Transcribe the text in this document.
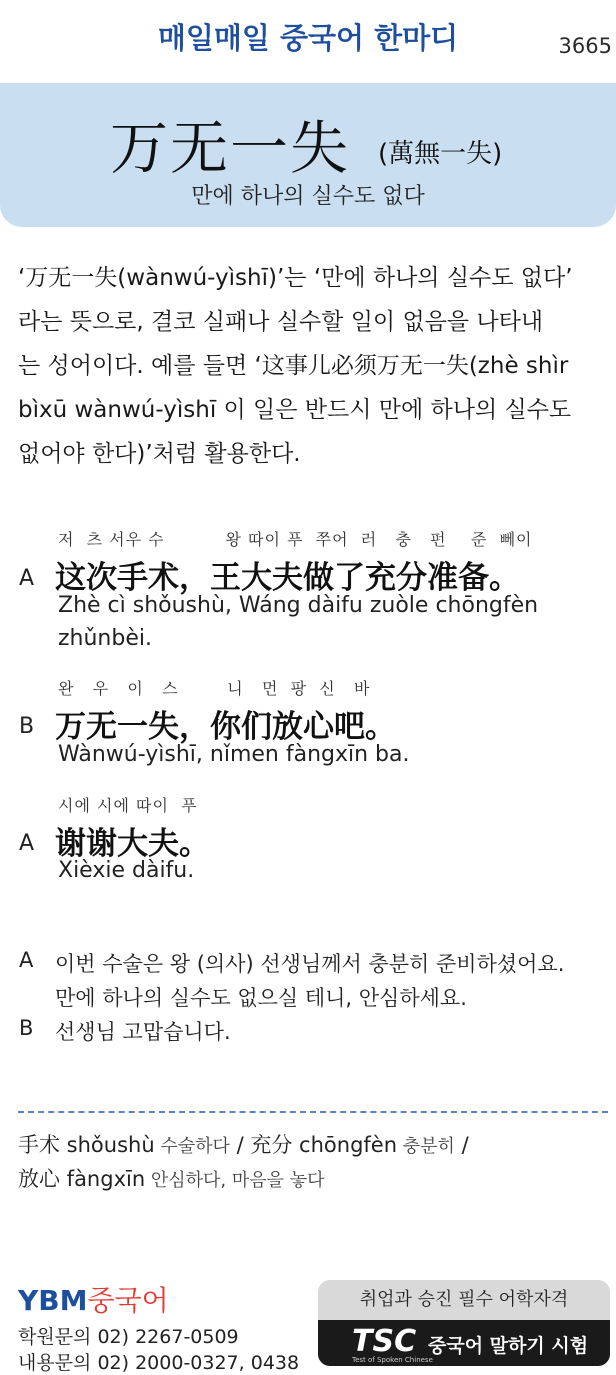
매일매일 중국어 한마디	3665
万无一失 (萬無一失)
만에 하나의 실수도 없다

‘万无一失(wànwú-yìshī)’는 ‘만에 하나의 실수도 없다’

라는 뜻으로, 결코 실패나 실수할 일이 없음을 나타내

는 성어이다. 예를 들면 ‘这事儿必须万无一失(zhè shìr

bìxū wànwú-yìshī 이 일은 반드시 만에 하나의 실수도

없어야 한다)’처럼 활용한다.

저  츠 서우 수          왕 따이 푸  쭈어  러   충   펀    준  뻬이
A 这次手术，王大夫做了充分准备。
Zhè cì shǒushù, Wáng dàifu zuòle chōngfèn zhǔnbèi.
완   우   이   스        니   먼  팡  신   바
B 万无一失，你们放心吧。
Wànwú-yìshī, nǐmen fàngxīn ba.
시에 시에 따이  푸
A 谢谢大夫。
Xièxie dàifu.
A 이번 수술은 왕 (의사) 선생님께서 충분히 준비하셨어요.
만에 하나의 실수도 없으실 테니, 안심하세요.
B 선생님 고맙습니다.
手术 shǒushù 수술하다 / 充分 chōngfèn 충분히 /
放心 fàngxīn 안심하다, 마음을 놓다
YBM중국어
학원문의 02) 2267-0509
내용문의 02) 2000-0327, 0438
취업과 승진 필수 어학자격
TSC
Test of Spoken Chinese
중국어 말하기 시험
